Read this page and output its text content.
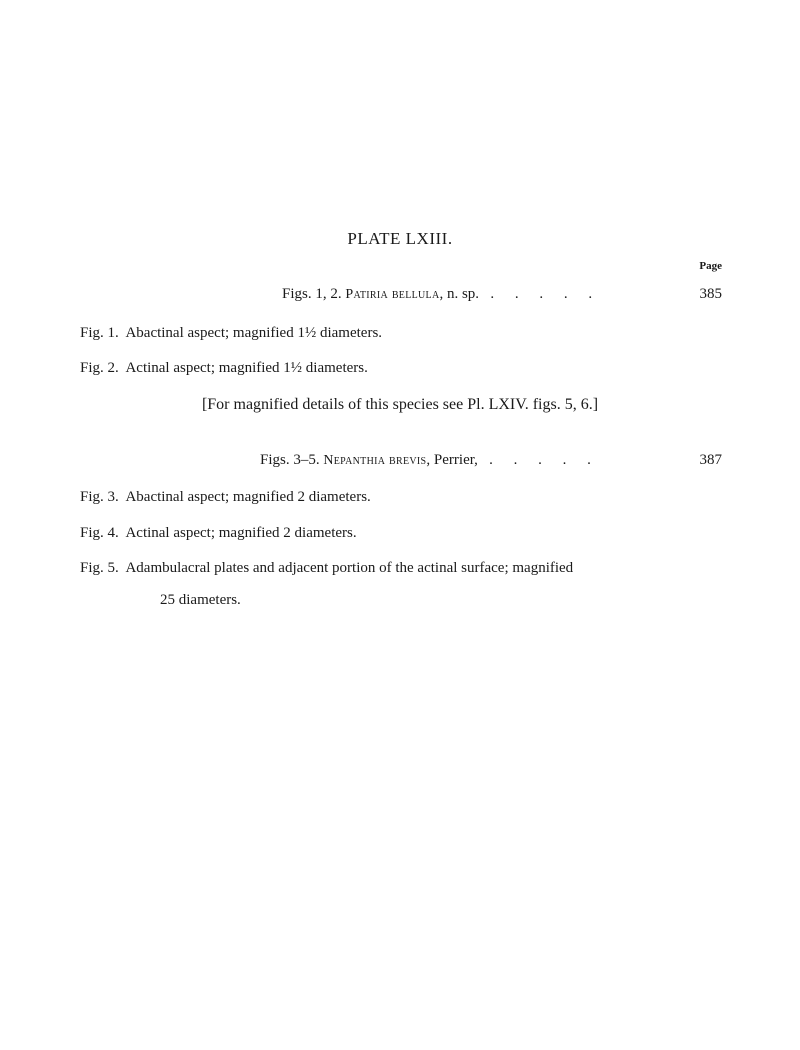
PLATE LXIII.
Page
Figs. 1, 2. Patiria bellula, n. sp. . . . . .	385
Fig. 1. Abactinal aspect; magnified 1½ diameters.
Fig. 2. Actinal aspect; magnified 1½ diameters.
[For magnified details of this species see Pl. LXIV. figs. 5, 6.]
Figs. 3–5. Nepanthia brevis, Perrier, . . . . .	387
Fig. 3. Abactinal aspect; magnified 2 diameters.
Fig. 4. Actinal aspect; magnified 2 diameters.
Fig. 5. Adambulacral plates and adjacent portion of the actinal surface; magnified
25 diameters.
